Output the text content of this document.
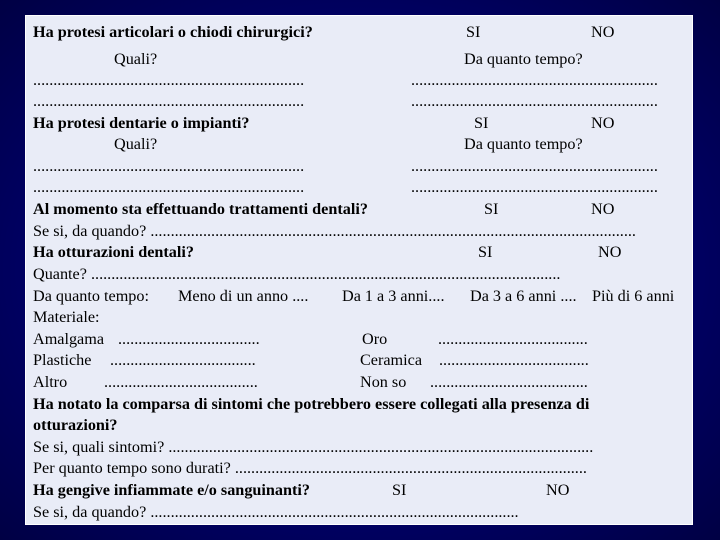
Ha protesi articolari o chiodi chirurgici?	SI	NO
Quali?	Da quanto tempo?
...................................................................	.............................................................
...................................................................	.............................................................
Ha protesi dentarie o impianti?	SI	NO
Quali?	Da quanto tempo?
...................................................................	.............................................................
...................................................................	.............................................................
Al momento sta effettuando trattamenti dentali?	SI	NO
Se si, da quando? ........................................................................................................................
Ha otturazioni dentali?	SI	NO
Quante? ....................................................................................................................
Da quanto tempo: Meno di un anno .... Da 1 a 3 anni.... Da 3 a 6 anni .... Più di 6 anni
Materiale:
Amalgama ...................................	Oro	.....................................
Plastiche ....................................	Ceramica .....................................
Altro ......................................	Non so .......................................
Ha notato la comparsa di sintomi che potrebbero essere collegati alla presenza di
otturazioni?
Se si, quali sintomi? .........................................................................................................
Per quanto tempo sono durati? .......................................................................................
Ha gengive infiammate e/o sanguinanti?	SI	NO
Se si, da quando? ...........................................................................................
